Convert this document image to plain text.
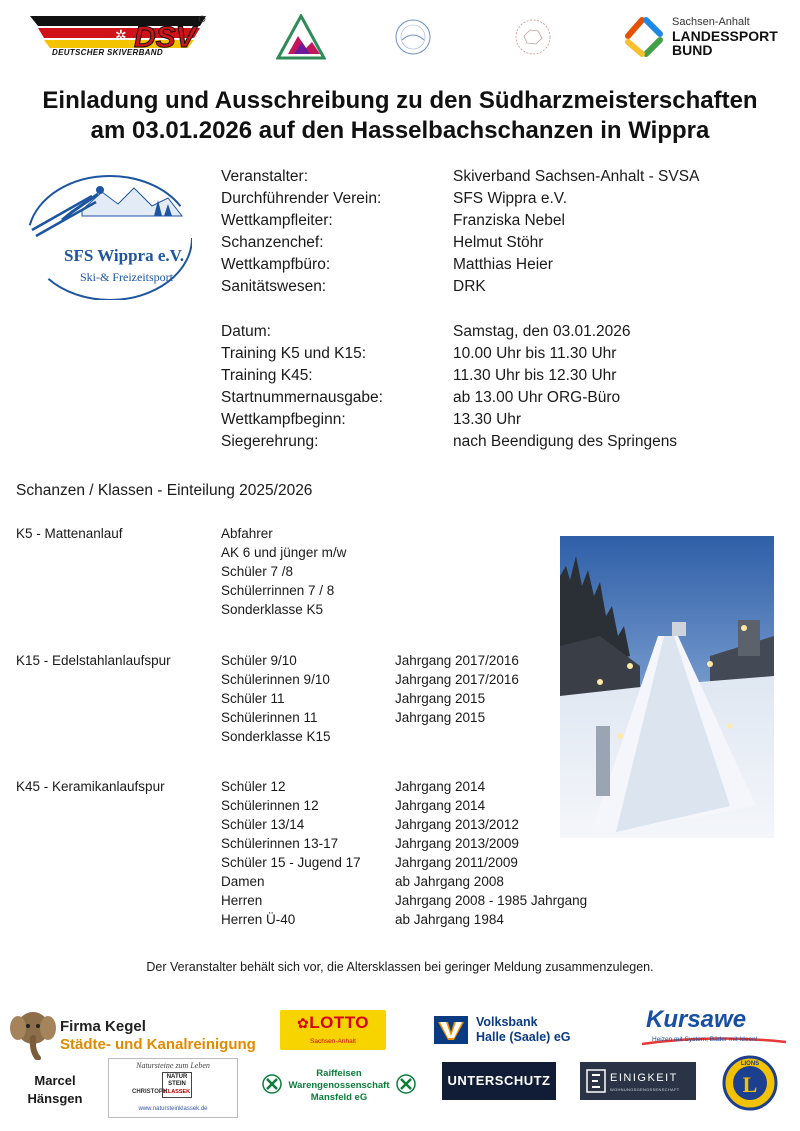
DSV
✲
DEUTSCHER SKIVERBAND
Sachsen-Anhalt
LANDESSPORT
BUND
Einladung und Ausschreibung zu den Südharzmeisterschaften
am 03.01.2026 auf den Hasselbachschanzen in Wippra
SFS Wippra e.V.
Ski-& Freizeitsport
Veranstalter:	Skiverband Sachsen-Anhalt - SVSA
Durchführender Verein:	SFS Wippra e.V.
Wettkampfleiter:	Franziska Nebel
Schanzenchef:	Helmut Stöhr
Wettkampfbüro:	Matthias Heier
Sanitätswesen:	DRK
Datum:	Samstag, den 03.01.2026
Training K5 und K15:	10.00 Uhr bis 11.30 Uhr
Training K45:	11.30 Uhr bis 12.30 Uhr
Startnummernausgabe:	ab 13.00 Uhr ORG-Büro
Wettkampfbeginn:	13.30 Uhr
Siegerehrung:	nach Beendigung des Springens
Schanzen / Klassen - Einteilung 2025/2026
K5 - Mattenanlauf	Abfahrer
AK 6 und jünger m/w
Schüler 7 /8
Schülerrinnen 7 / 8
Sonderklasse K5
K15 - Edelstahlanlaufspur	Schüler 9/10	Jahrgang 2017/2016
Schülerinnen 9/10	Jahrgang 2017/2016
Schüler 11	Jahrgang 2015
Schülerinnen 11	Jahrgang 2015
Sonderklasse K15
K45 - Keramikanlaufspur	Schüler 12	Jahrgang 2014
Schülerinnen 12	Jahrgang 2014
Schüler 13/14	Jahrgang 2013/2012
Schülerinnen 13-17	Jahrgang 2013/2009
Schüler 15 - Jugend 17	Jahrgang 2011/2009
Damen	ab Jahrgang 2008
Herren	Jahrgang 2008 - 1985 Jahrgang
Herren Ü-40	ab Jahrgang 1984
Der Veranstalter behält sich vor, die Altersklassen bei geringer Meldung zusammenzulegen.
Firma Kegel
Städte- und Kanalreinigung
✿LOTTO
Sachsen-Anhalt
Volksbank
Halle (Saale) eG
Kursawe
Heizen mit System, Bäder mit Ideen!
Marcel
Hänsgen
Natursteine zum Leben
NATUR
STEIN
KLASSEK
CHRISTOPH
www.natursteinklassek.de
Raiffeisen
Warengenossenschaft
Mansfeld eG
UNTERSCHUTZ	EINIGKEIT
WOHNUNGSGENOSSENSCHAFT	L
LIONS
